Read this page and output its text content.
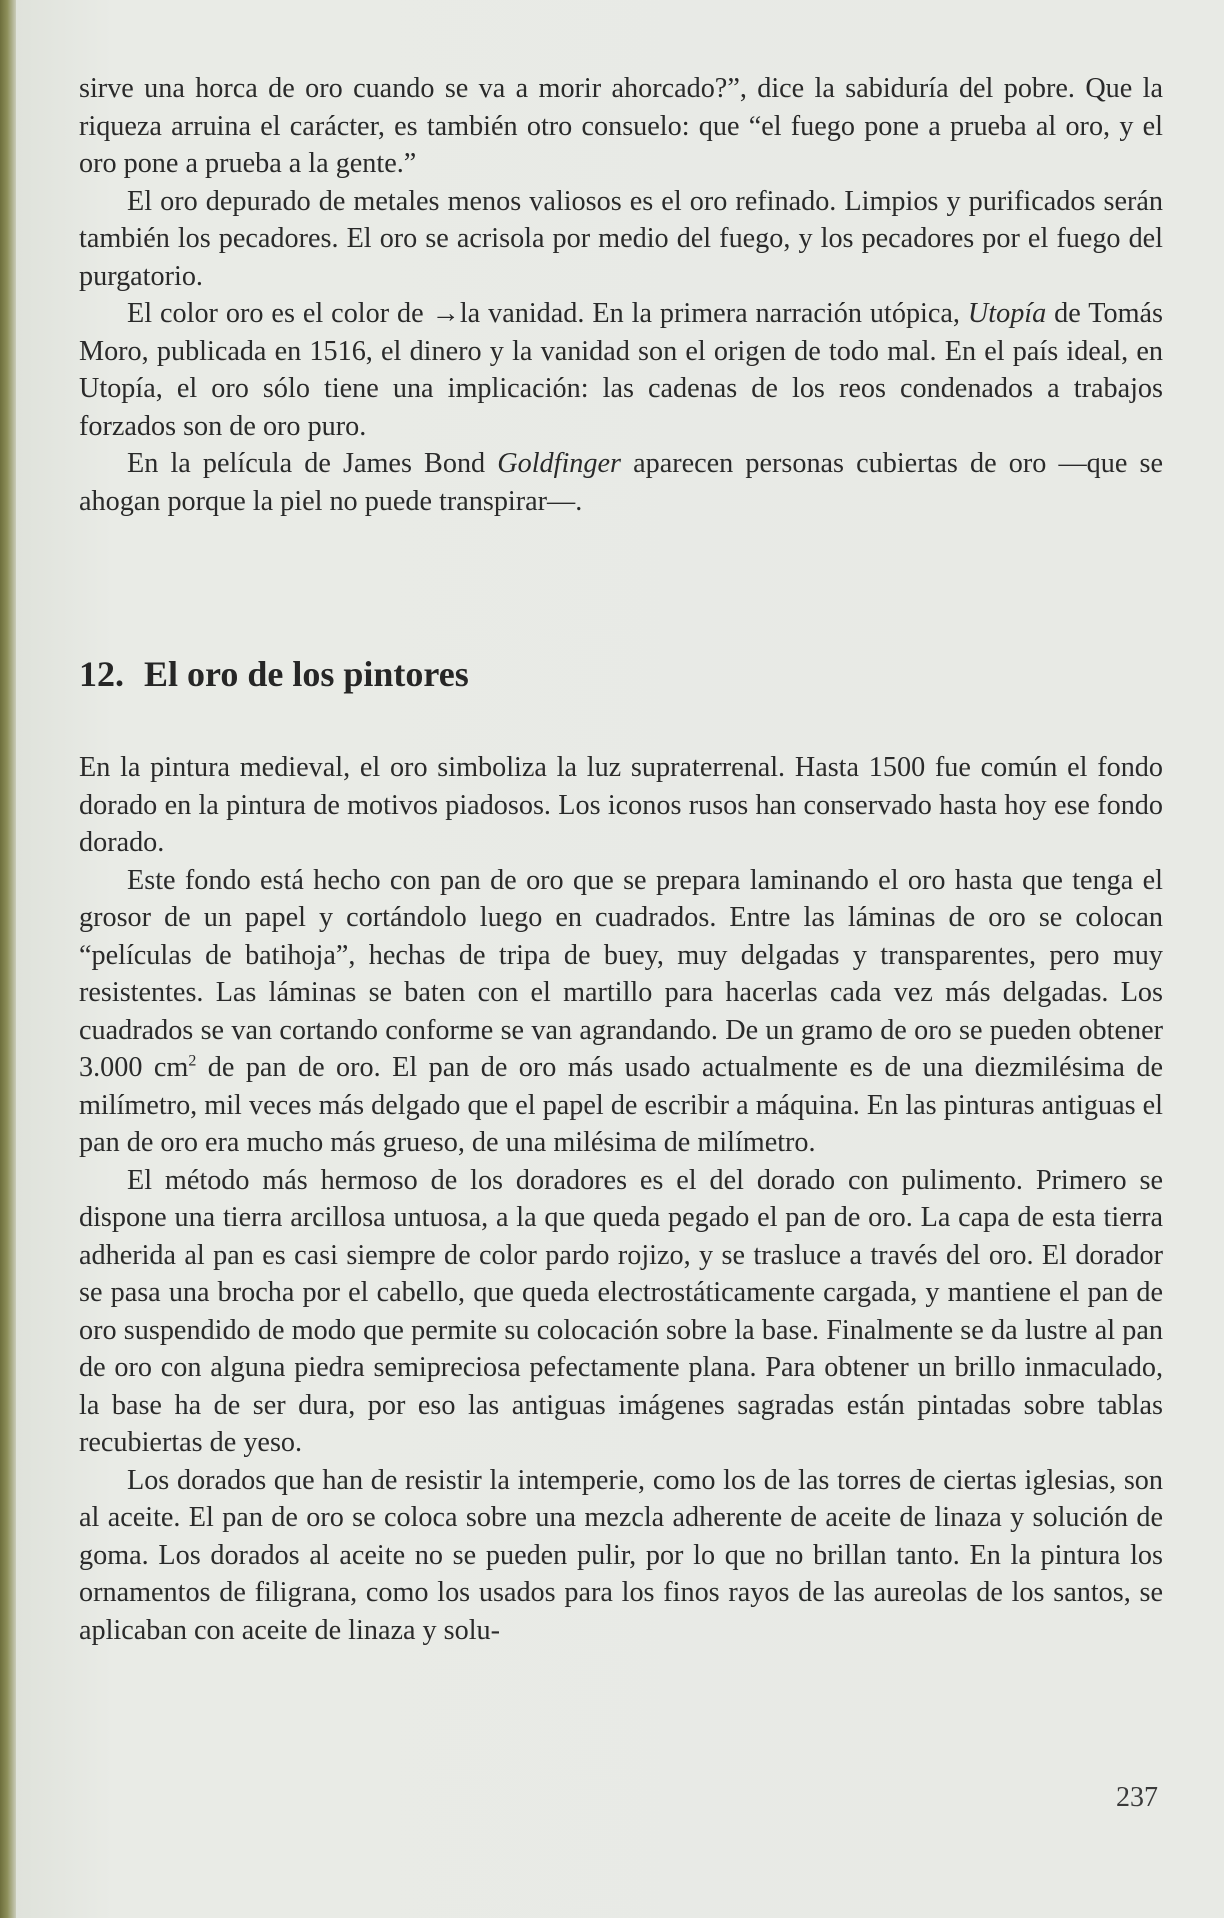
sirve una horca de oro cuando se va a morir ahorcado?”, dice la sabiduría del pobre. Que la riqueza arruina el carácter, es también otro consuelo: que “el fuego pone a prueba al oro, y el oro pone a prueba a la gente.”

El oro depurado de metales menos valiosos es el oro refinado. Limpios y purificados serán también los pecadores. El oro se acrisola por medio del fuego, y los pecadores por el fuego del purgatorio.

El color oro es el color de →la vanidad. En la primera narración utópica, Utopía de Tomás Moro, publicada en 1516, el dinero y la vanidad son el origen de todo mal. En el país ideal, en Utopía, el oro sólo tiene una implicación: las cadenas de los reos condenados a trabajos forzados son de oro puro.

En la película de James Bond Goldfinger aparecen personas cubiertas de oro —que se ahogan porque la piel no puede transpirar—.

12. El oro de los pintores

En la pintura medieval, el oro simboliza la luz supraterrenal. Hasta 1500 fue común el fondo dorado en la pintura de motivos piadosos. Los iconos rusos han conservado hasta hoy ese fondo dorado.

Este fondo está hecho con pan de oro que se prepara laminando el oro hasta que tenga el grosor de un papel y cortándolo luego en cuadrados. Entre las láminas de oro se colocan “películas de batihoja”, hechas de tripa de buey, muy delgadas y transparentes, pero muy resistentes. Las láminas se baten con el martillo para hacerlas cada vez más delgadas. Los cuadrados se van cortando conforme se van agrandando. De un gramo de oro se pueden obtener 3.000 $cm^2$ de pan de oro. El pan de oro más usado actualmente es de una diezmilésima de milímetro, mil veces más delgado que el papel de escribir a máquina. En las pinturas antiguas el pan de oro era mucho más grueso, de una milésima de milímetro.

El método más hermoso de los doradores es el del dorado con pulimento. Primero se dispone una tierra arcillosa untuosa, a la que queda pegado el pan de oro. La capa de esta tierra adherida al pan es casi siempre de color pardo rojizo, y se trasluce a través del oro. El dorador se pasa una brocha por el cabello, que queda electrostáticamente cargada, y mantiene el pan de oro suspendido de modo que permite su colocación sobre la base. Finalmente se da lustre al pan de oro con alguna piedra semipreciosa pefectamente plana. Para obtener un brillo inmaculado, la base ha de ser dura, por eso las antiguas imágenes sagradas están pintadas sobre tablas recubiertas de yeso.

Los dorados que han de resistir la intemperie, como los de las torres de ciertas iglesias, son al aceite. El pan de oro se coloca sobre una mezcla adherente de aceite de linaza y solución de goma. Los dorados al aceite no se pueden pulir, por lo que no brillan tanto. En la pintura los ornamentos de filigrana, como los usados para los finos rayos de las aureolas de los santos, se aplicaban con aceite de linaza y solu-

237
